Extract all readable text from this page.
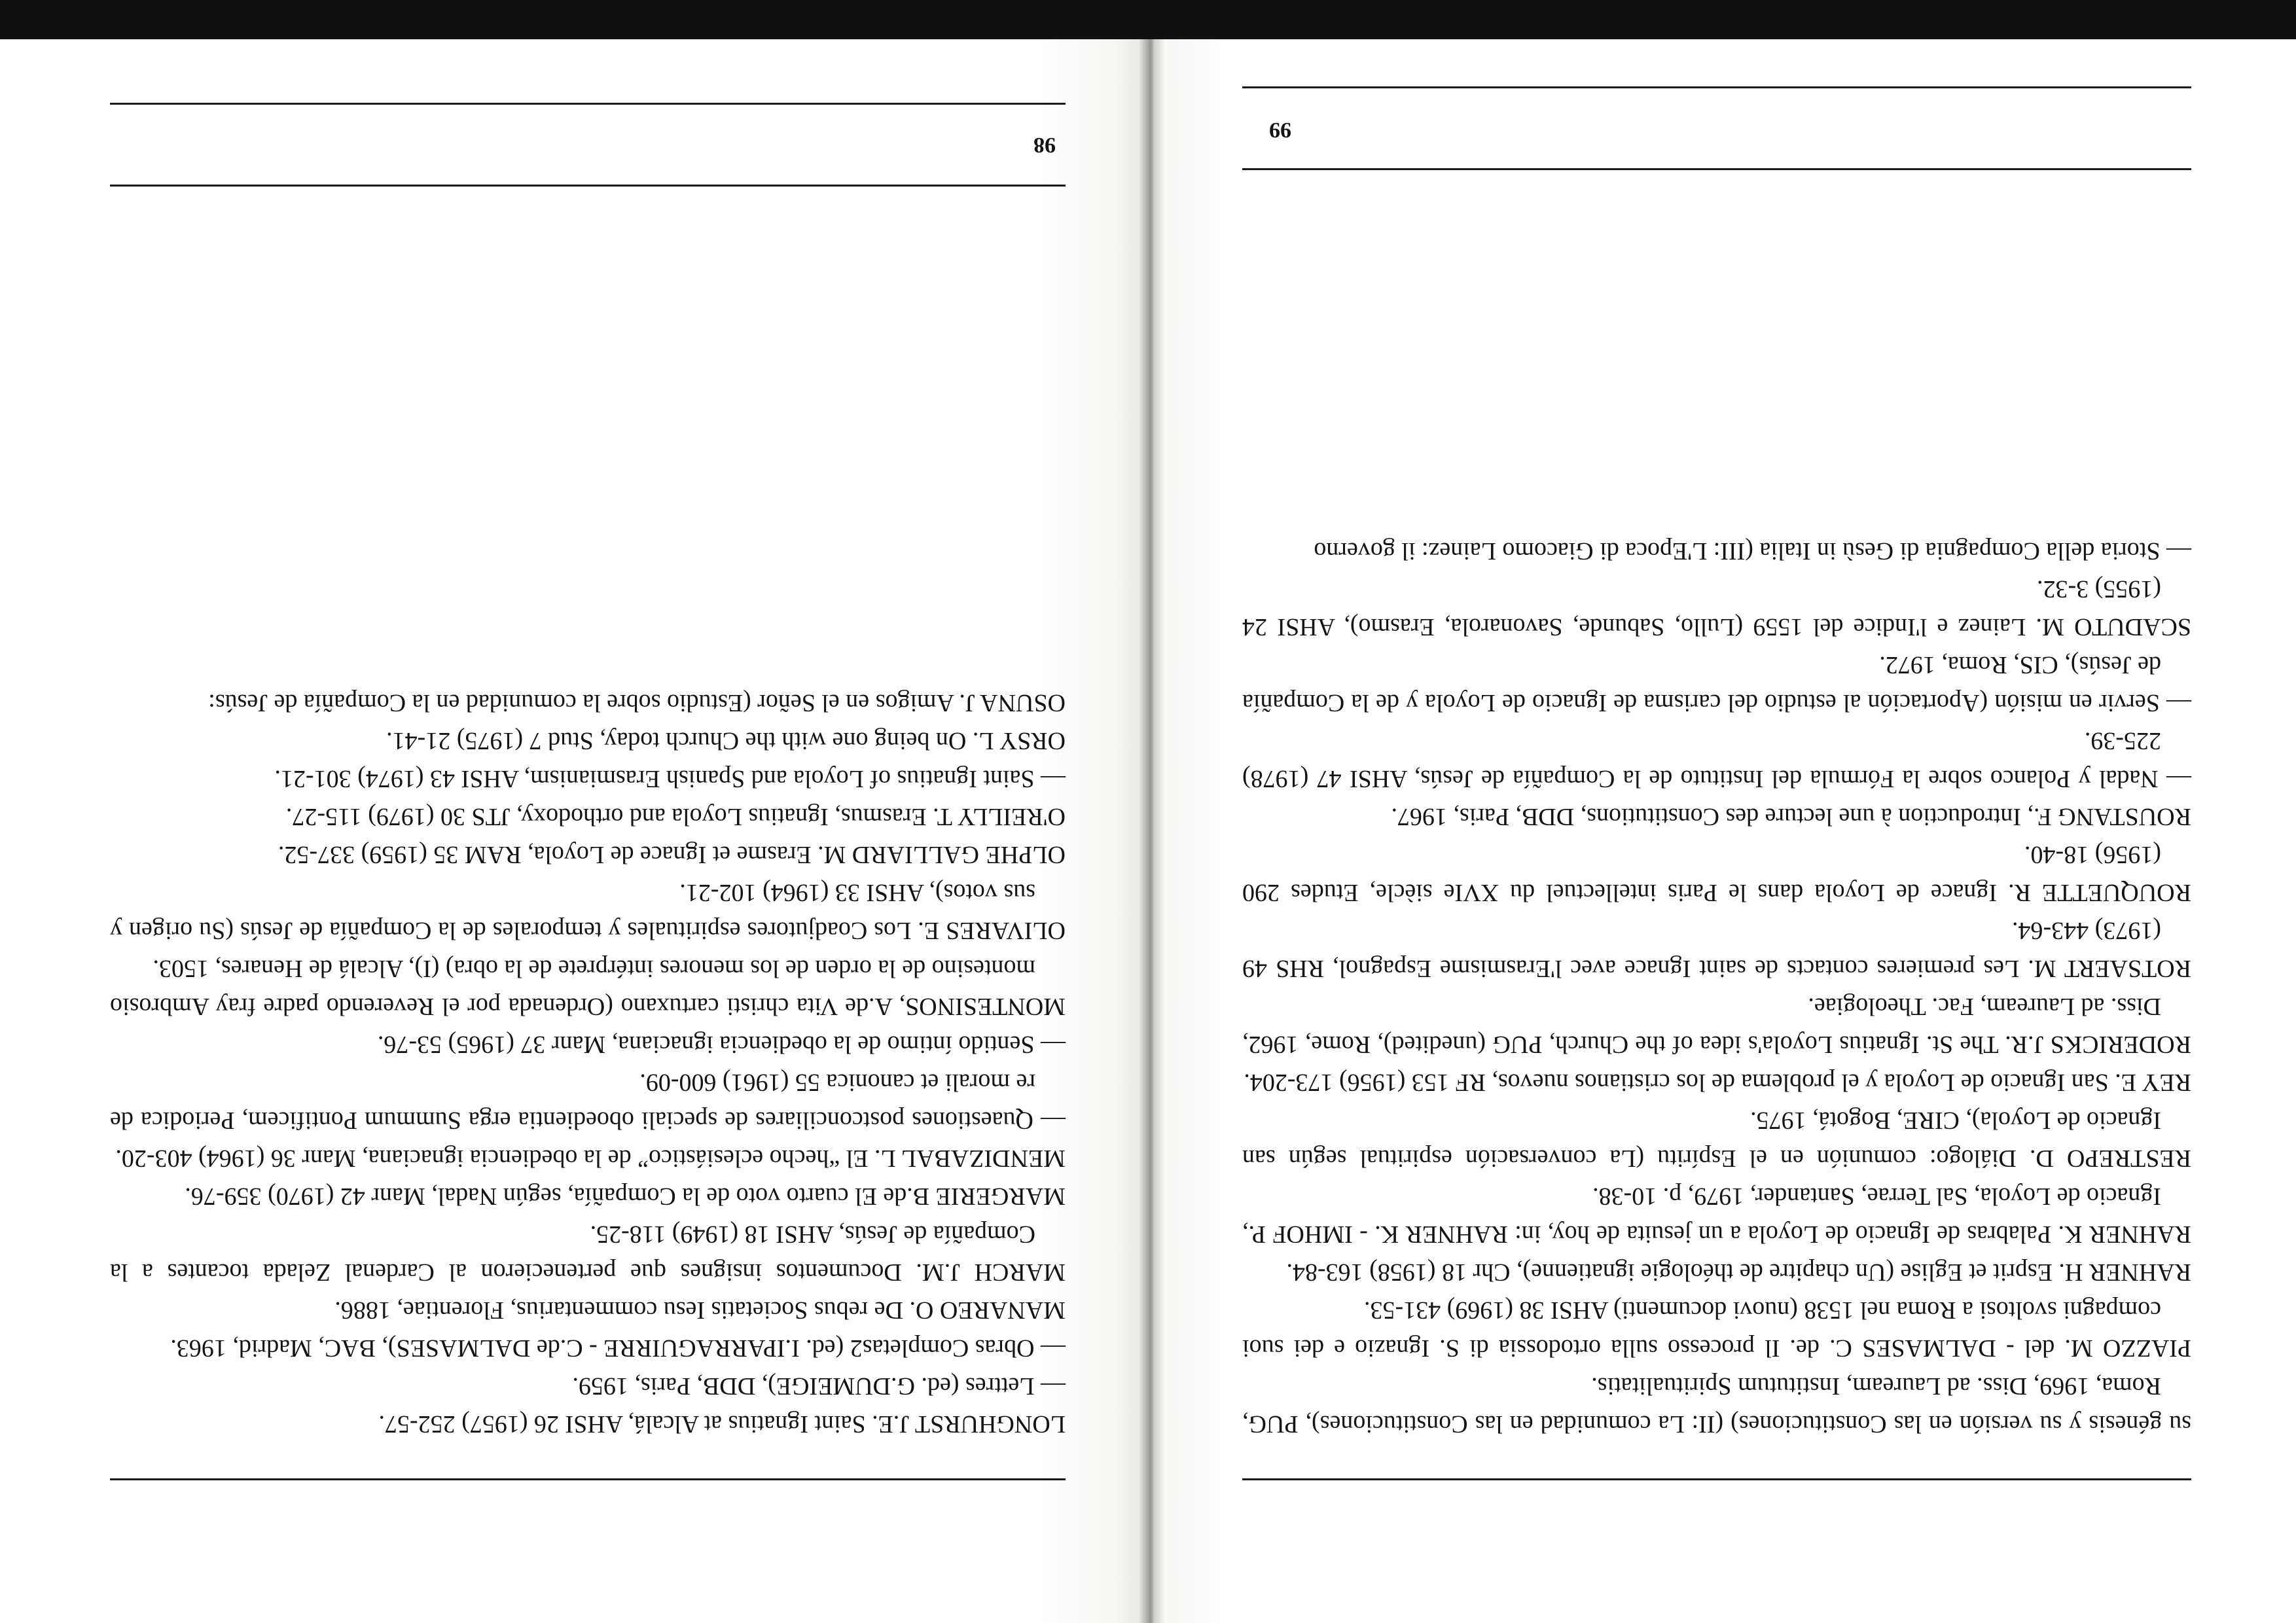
su génesis y su versión en las Constituciones) (II: La comunidad en las Constituciones), PUG, Roma, 1969, Diss. ad Lauream, Institutum Spiritualitatis.

PIAZZO M. del - DALMASES C. de. Il processo sulla ortodossia di S. Ignazio e dei suoi compagni svoltosi a Roma nel 1538 (nuovi documenti) AHSI 38 (1969) 431-53.

RAHNER H. Esprit et Eglise (Un chapitre de théologie ignatienne), Chr 18 (1958) 163-84.

RAHNER K. Palabras de Ignacio de Loyola a un jesuita de hoy, in: RAHNER K. - IMHOF P., Ignacio de Loyola, Sal Terrae, Santander, 1979, p. 10-38.

RESTREPO D. Diálogo: comunión en el Espíritu (La conversación espiritual según san Ignacio de Loyola), CIRE, Bogotá, 1975.

REY E. San Ignacio de Loyola y el problema de los cristianos nuevos, RF 153 (1956) 173-204.

RODERICKS J.R. The St. Ignatius Loyola's idea of the Church, PUG (unedited), Rome, 1962, Diss. ad Lauream, Fac. Theologiae.

ROTSAERT M. Les premieres contacts de saint Ignace avec l'Erasmisme Espagnol, RHS 49 (1973) 443-64.

ROUQUETTE R. Ignace de Loyola dans le Paris intellectuel du XVIe siècle, Etudes 290 (1956) 18-40.

ROUSTANG F., Introduction à une lecture des Constitutions, DDB, Paris, 1967.

— Nadal y Polanco sobre la Fórmula del Instituto de la Compañía de Jesús, AHSI 47 (1978) 225-39.

— Servir en misión (Aportación al estudio del carisma de Ignacio de Loyola y de la Compañía de Jesús), CIS, Roma, 1972.

SCADUTO M. Lainez e l'Indice del 1559 (Lullo, Sabunde, Savonarola, Erasmo), AHSI 24 (1955) 3-32.

— Storia della Compagnia di Gesù in Italia (III: L'Epoca di Giacomo Lainez: il governo

99

LONGHURST J.E. Saint Ignatius at Alcalá, AHSI 26 (1957) 252-57.

— Lettres (ed. G.DUMEIGE), DDB, Paris, 1959.

— Obras Completas2 (ed. I.IPARRAGUIRRE - C.de DALMASES), BAC, Madrid, 1963.

MANAREO O. De rebus Societatis Iesu commentarius, Florentiae, 1886.

MARCH J.M. Documentos insignes que pertenecieron al Cardenal Zelada tocantes a la Compañía de Jesús, AHSI 18 (1949) 118-25.

MARGERIE B.de El cuarto voto de la Compañía, según Nadal, Manr 42 (1970) 359-76.

MENDIZABAL L. El “hecho eclesiástico” de la obediencia ignaciana, Manr 36 (1964) 403-20.

— Quaestiones postconciliares de speciali oboedientia erga Summum Pontificem, Periodica de re morali et canonica 55 (1961) 600-09.

— Sentido íntimo de la obediencia ignaciana, Manr 37 (1965) 53-76.

MONTESINOS, A.de Vita christi cartuxano (Ordenada por el Reverendo padre fray Ambrosio montesino de la orden de los menores intérprete de la obra) (I), Alcalá de Henares, 1503.

OLIVARES E. Los Coadjutores espirituales y temporales de la Compañía de Jesús (Su origen y sus votos), AHSI 33 (1964) 102-21.

OLPHE GALLIARD M. Erasme et Ignace de Loyola, RAM 35 (1959) 337-52.

O'REILLY T. Erasmus, Ignatius Loyola and orthodoxy, JTS 30 (1979) 115-27.

— Saint Ignatius of Loyola and Spanish Erasmianism, AHSI 43 (1974) 301-21.

ORSY L. On being one with the Church today, Stud 7 (1975) 21-41.

OSUNA J. Amigos en el Señor (Estudio sobre la comunidad en la Compañía de Jesús:

98
